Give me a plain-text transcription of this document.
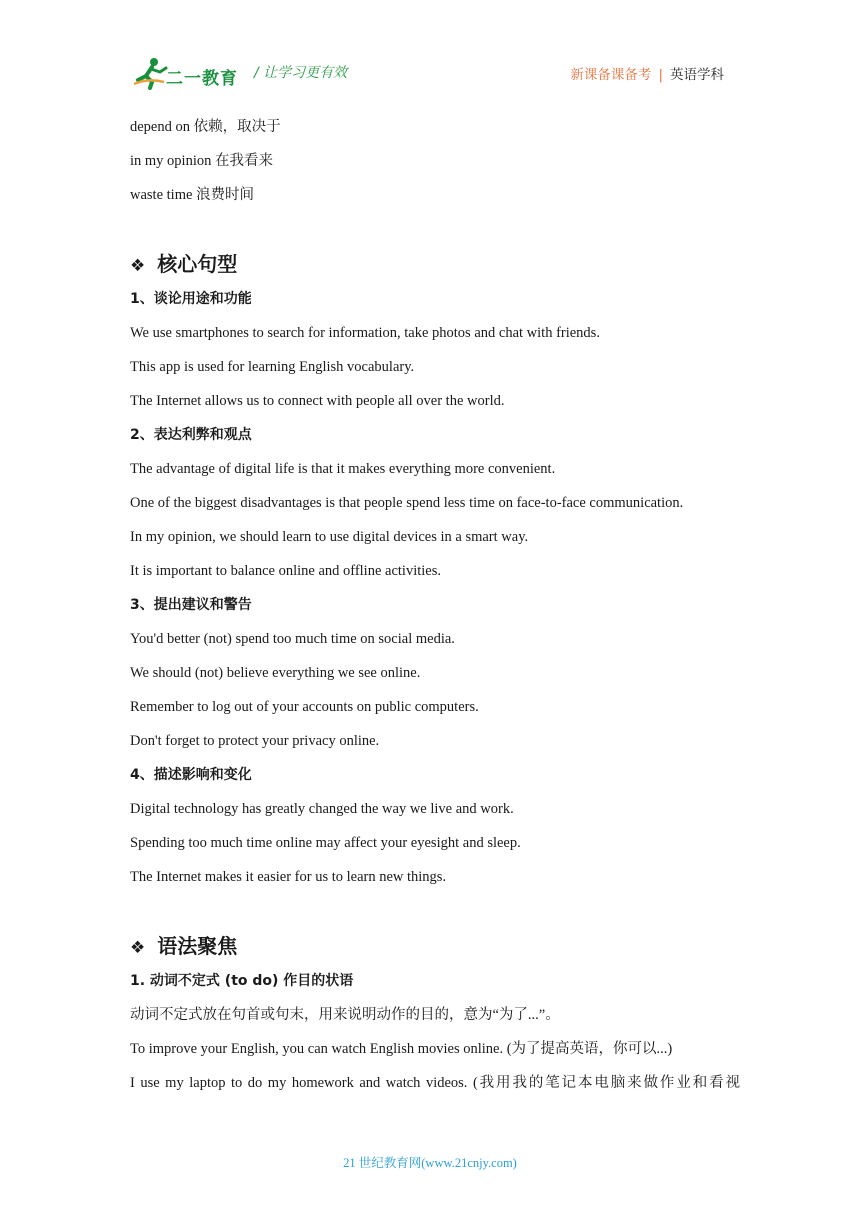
二一教育 / 让学习更有效	新课备课备考 | 英语学科
depend on 依赖，取决于
in my opinion 在我看来
waste time 浪费时间
❖ 核心句型
1、谈论用途和功能
We use smartphones to search for information, take photos and chat with friends.
This app is used for learning English vocabulary.
The Internet allows us to connect with people all over the world.
2、表达利弊和观点
The advantage of digital life is that it makes everything more convenient.
One of the biggest disadvantages is that people spend less time on face-to-face communication.
In my opinion, we should learn to use digital devices in a smart way.
It is important to balance online and offline activities.
3、提出建议和警告
You'd better (not) spend too much time on social media.
We should (not) believe everything we see online.
Remember to log out of your accounts on public computers.
Don't forget to protect your privacy online.
4、描述影响和变化
Digital technology has greatly changed the way we live and work.
Spending too much time online may affect your eyesight and sleep.
The Internet makes it easier for us to learn new things.
❖ 语法聚焦
1. 动词不定式 (to do) 作目的状语
动词不定式放在句首或句末，用来说明动作的目的，意为“为了...”。
To improve your English, you can watch English movies online. (为了提高英语，你可以...)
I use my laptop to do my homework and watch videos. (我用我的笔记本电脑来做作业和看视
21 世纪教育网(www.21cnjy.com)
